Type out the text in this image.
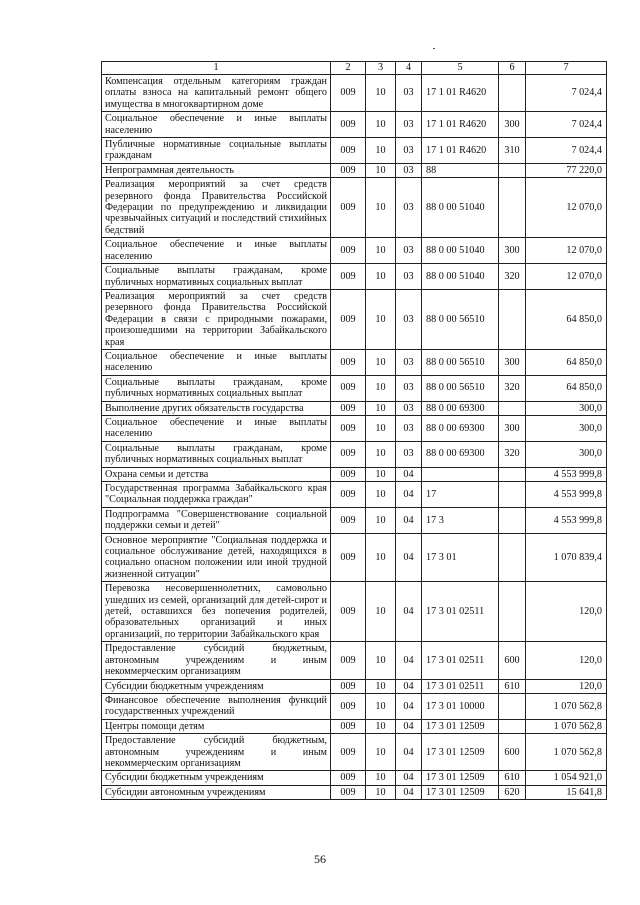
1	2	3	4	5	6	7
Компенсация отдельным категориям граждан оплаты взноса на капитальный ремонт общего имущества в многоквартирном доме	009	10	03	17 1 01 R4620		7 024,4
Социальное обеспечение и иные выплаты населению	009	10	03	17 1 01 R4620	300	7 024,4
Публичные нормативные социальные выплаты гражданам	009	10	03	17 1 01 R4620	310	7 024,4
Непрограммная деятельность	009	10	03	88		77 220,0
Реализация мероприятий за счет средств резервного фонда Правительства Российской Федерации по предупреждению и ликвидации чрезвычайных ситуаций и последствий стихийных бедствий	009	10	03	88 0 00 51040		12 070,0
Социальное обеспечение и иные выплаты населению	009	10	03	88 0 00 51040	300	12 070,0
Социальные выплаты гражданам, кроме публичных нормативных социальных выплат	009	10	03	88 0 00 51040	320	12 070,0
Реализация мероприятий за счет средств резервного фонда Правительства Российской Федерации в связи с природными пожарами, произошедшими на территории Забайкальского края	009	10	03	88 0 00 56510		64 850,0
Социальное обеспечение и иные выплаты населению	009	10	03	88 0 00 56510	300	64 850,0
Социальные выплаты гражданам, кроме публичных нормативных социальных выплат	009	10	03	88 0 00 56510	320	64 850,0
Выполнение других обязательств государства	009	10	03	88 0 00 69300		300,0
Социальное обеспечение и иные выплаты населению	009	10	03	88 0 00 69300	300	300,0
Социальные выплаты гражданам, кроме публичных нормативных социальных выплат	009	10	03	88 0 00 69300	320	300,0
Охрана семьи и детства	009	10	04			4 553 999,8
Государственная программа Забайкальского края "Социальная поддержка граждан"	009	10	04	17		4 553 999,8
Подпрограмма "Совершенствование социальной поддержки семьи и детей"	009	10	04	17 3		4 553 999,8
Основное мероприятие "Социальная поддержка и социальное обслуживание детей, находящихся в социально опасном положении или иной трудной жизненной ситуации"	009	10	04	17 3 01		1 070 839,4
Перевозка несовершеннолетних, самовольно ушедших из семей, организаций для детей-сирот и детей, оставшихся без попечения родителей, образовательных организаций и иных организаций, по территории Забайкальского края	009	10	04	17 3 01 02511		120,0
Предоставление субсидий бюджетным, автономным учреждениям и иным некоммерческим организациям	009	10	04	17 3 01 02511	600	120,0
Субсидии бюджетным учреждениям	009	10	04	17 3 01 02511	610	120,0
Финансовое обеспечение выполнения функций государственных учреждений	009	10	04	17 3 01 10000		1 070 562,8
Центры помощи детям	009	10	04	17 3 01 12509		1 070 562,8
Предоставление субсидий бюджетным, автономным учреждениям и иным некоммерческим организациям	009	10	04	17 3 01 12509	600	1 070 562,8
Субсидии бюджетным учреждениям	009	10	04	17 3 01 12509	610	1 054 921,0
Субсидии автономным учреждениям	009	10	04	17 3 01 12509	620	15 641,8
56
